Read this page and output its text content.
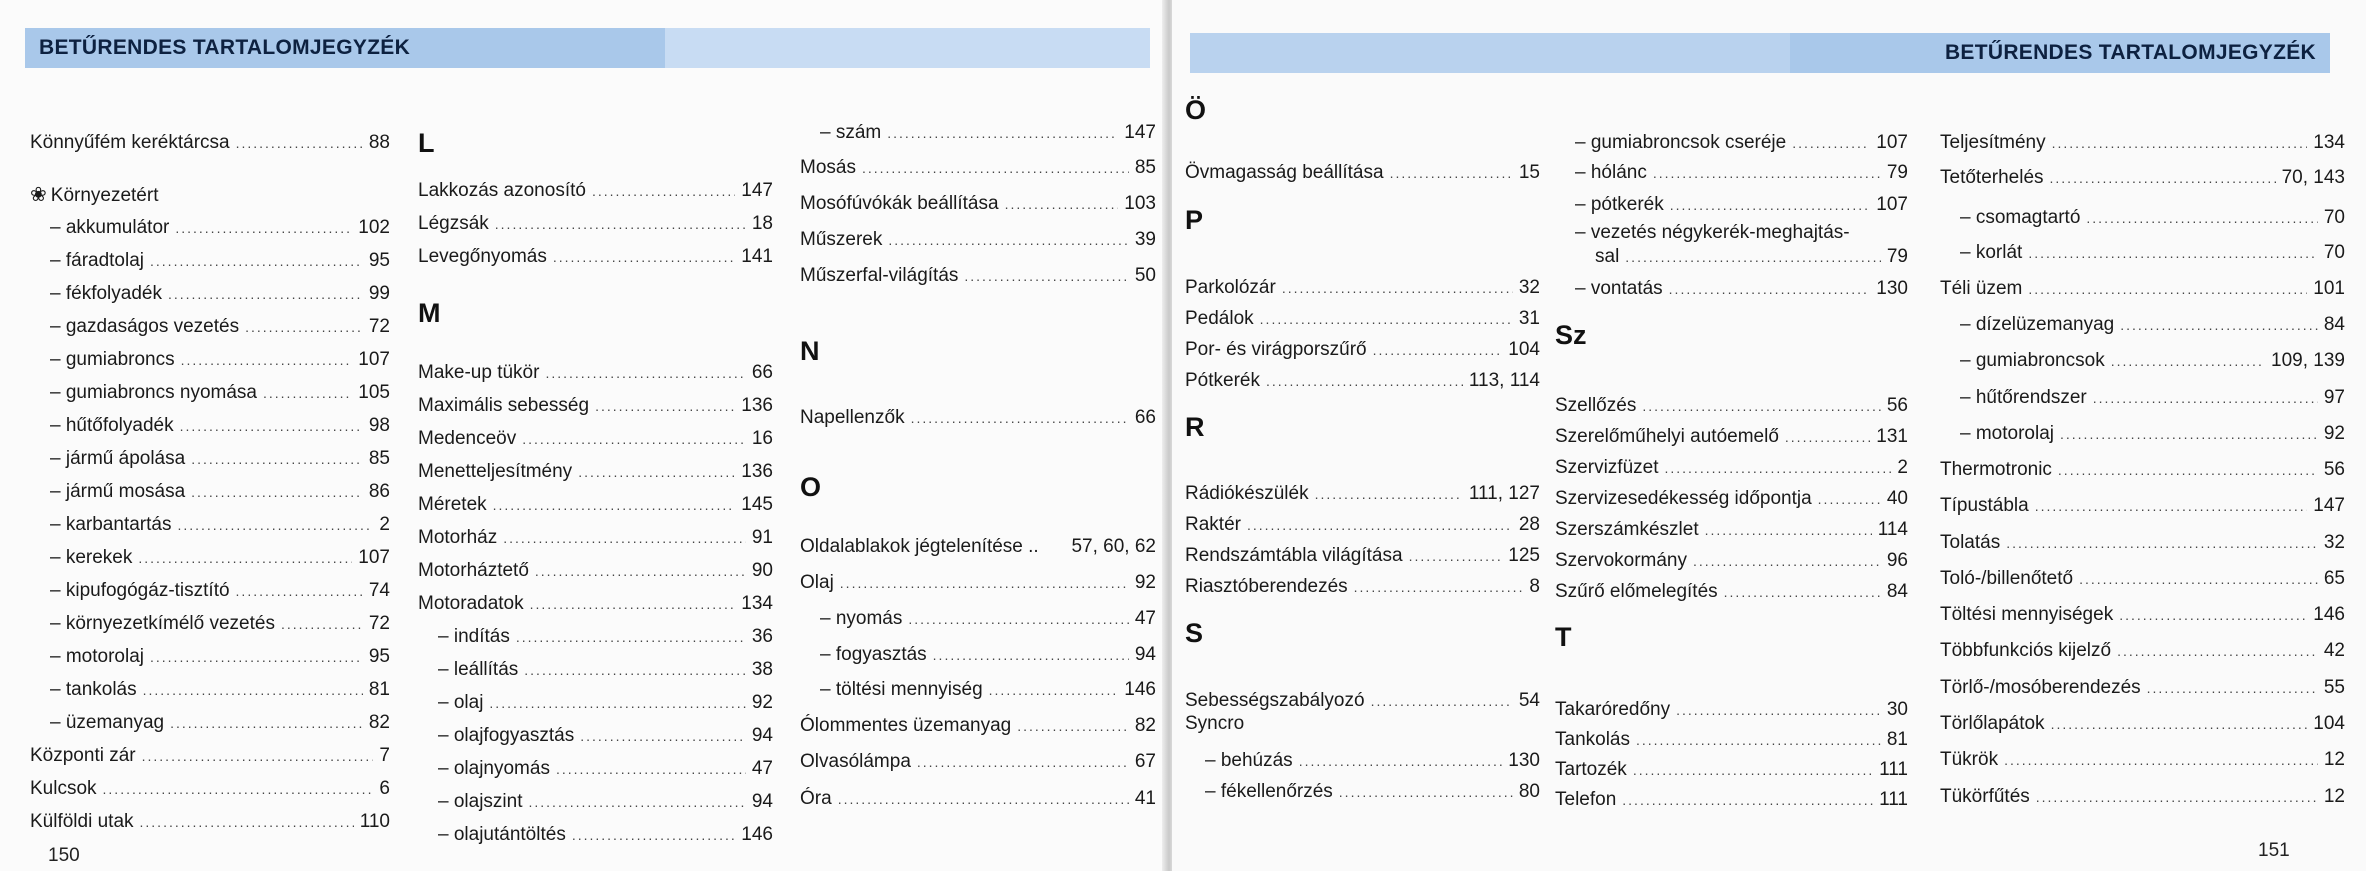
BETŰRENDES TARTALOMJEGYZÉK
150
BETŰRENDES TARTALOMJEGYZÉK
151
Könnyűfém keréktárcsa .....	88
❀ Környezetért
– akkumulátor .....	102
– fáradtolaj .....	95
– fékfolyadék .....	99
– gazdaságos vezetés .....	72
– gumiabroncs .....	107
– gumiabroncs nyomása .....	105
– hűtőfolyadék .....	98
– jármű ápolása .....	85
– jármű mosása .....	86
– karbantartás .....	2
– kerekek .....	107
– kipufogógáz-tisztító .....	74
– környezetkímélő vezetés .....	72
– motorolaj .....	95
– tankolás .....	81
– üzemanyag .....	82
Központi zár .....	7
Kulcsok .....	6
Külföldi utak .....	110
L
Lakkozás azonosító .....	147
Légzsák .....	18
Levegőnyomás .....	141
M
Make-up tükör .....	66
Maximális sebesség .....	136
Medenceöv .....	16
Menetteljesítmény .....	136
Méretek .....	145
Motorház .....	91
Motorháztető .....	90
Motoradatok .....	134
– indítás .....	36
– leállítás .....	38
– olaj .....	92
– olajfogyasztás .....	94
– olajnyomás .....	47
– olajszint .....	94
– olajutántöltés .....	146
– szám .....	147
Mosás .....	85
Mosófúvókák beállítása .....	103
Műszerek .....	39
Műszerfal-világítás .....	50
N
Napellenzők .....	66
O
Oldalablakok jégtelenítése .. 57, 60, 62
Olaj .....	92
– nyomás .....	47
– fogyasztás .....	94
– töltési mennyiség .....	146
Ólommentes üzemanyag .....	82
Olvasólámpa .....	67
Óra .....	41
Ö
Övmagasság beállítása .....	15
P
Parkolózár .....	32
Pedálok .....	31
Por- és virágporszűrő .....	104
Pótkerék .....	113, 114
R
Rádiókészülék .....	111, 127
Raktér .....	28
Rendszámtábla világítása .....	125
Riasztóberendezés .....	8
S
Sebességszabályozó .....	54
Syncro
– behúzás .....	130
– fékellenőrzés .....	80
– gumiabroncsok cseréje .....	107
– hólánc .....	79
– pótkerék .....	107
– vezetés négykerék-meghajtás-
sal .....	79
– vontatás .....	130
Sz
Szellőzés .....	56
Szerelőműhelyi autóemelő .....	131
Szervizfüzet .....	2
Szervizesedékesség időpontja .....	40
Szerszámkészlet .....	114
Szervokormány .....	96
Szűrő előmelegítés .....	84
T
Takaróredőny .....	30
Tankolás .....	81
Tartozék .....	111
Telefon .....	111
Teljesítmény .....	134
Tetőterhelés .....	70, 143
– csomagtartó .....	70
– korlát .....	70
Téli üzem .....	101
– dízelüzemanyag .....	84
– gumiabroncsok .....	109, 139
– hűtőrendszer .....	97
– motorolaj .....	92
Thermotronic .....	56
Típustábla .....	147
Tolatás .....	32
Toló-/billenőtető .....	65
Töltési mennyiségek .....	146
Többfunkciós kijelző .....	42
Törlő-/mosóberendezés .....	55
Törlőlapátok .....	104
Tükrök .....	12
Tükörfűtés .....	12
